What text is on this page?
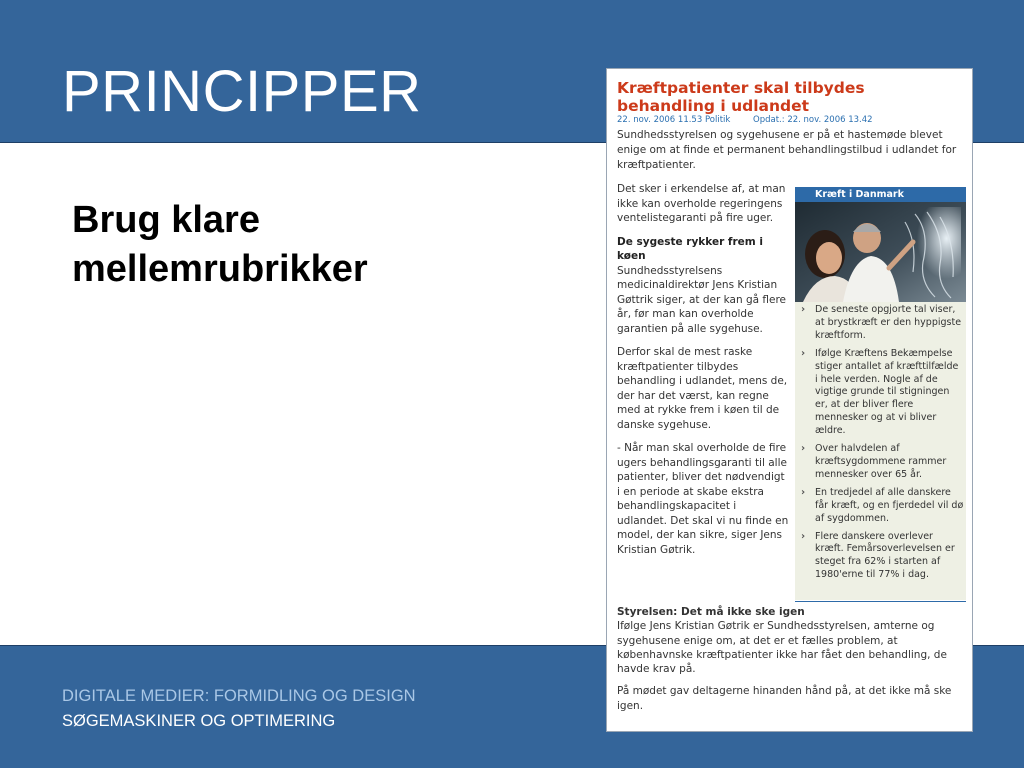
PRINCIPPER
Brug klare
mellemrubrikker
DIGITALE MEDIER: FORMIDLING OG DESIGN
SØGEMASKINER OG OPTIMERING
Kræftpatienter skal tilbydes behandling i udlandet
22. nov. 2006 11.53 Politik	Opdat.: 22. nov. 2006 13.42
Sundhedsstyrelsen og sygehusene er på et hastemøde blevet enige om at finde et permanent behandlingstilbud i udlandet for kræftpatienter.

Det sker i erkendelse af, at man ikke kan overholde regeringens ventelistegaranti på fire uger.

De sygeste rykker frem i køen

Sundhedsstyrelsens medicinaldirektør Jens Kristian Gøttrik siger, at der kan gå flere år, før man kan overholde garantien på alle sygehuse.

Derfor skal de mest raske kræftpatienter tilbydes behandling i udlandet, mens de, der har det værst, kan regne med at rykke frem i køen til de danske sygehuse.

- Når man skal overholde de fire ugers behandlingsgaranti til alle patienter, bliver det nødvendigt i en periode at skabe ekstra behandlingskapacitet i udlandet. Det skal vi nu finde en model, der kan sikre, siger Jens Kristian Gøtrik.

Kræft i Danmark
› De seneste opgjorte tal viser, at brystkræft er den hyppigste kræftform.
› Ifølge Kræftens Bekæmpelse stiger antallet af kræfttilfælde i hele verden. Nogle af de vigtige grunde til stigningen er, at der bliver flere mennesker og at vi bliver ældre.
› Over halvdelen af kræftsygdommene rammer mennesker over 65 år.
› En tredjedel af alle danskere får kræft, og en fjerdedel vil dø af sygdommen.
› Flere danskere overlever kræft. Femårsoverlevelsen er steget fra 62% i starten af 1980'erne til 77% i dag.

Styrelsen: Det må ikke ske igen

Ifølge Jens Kristian Gøtrik er Sundhedsstyrelsen, amterne og sygehusene enige om, at det er et fælles problem, at københavnske kræftpatienter ikke har fået den behandling, de havde krav på.

På mødet gav deltagerne hinanden hånd på, at det ikke må ske igen.
